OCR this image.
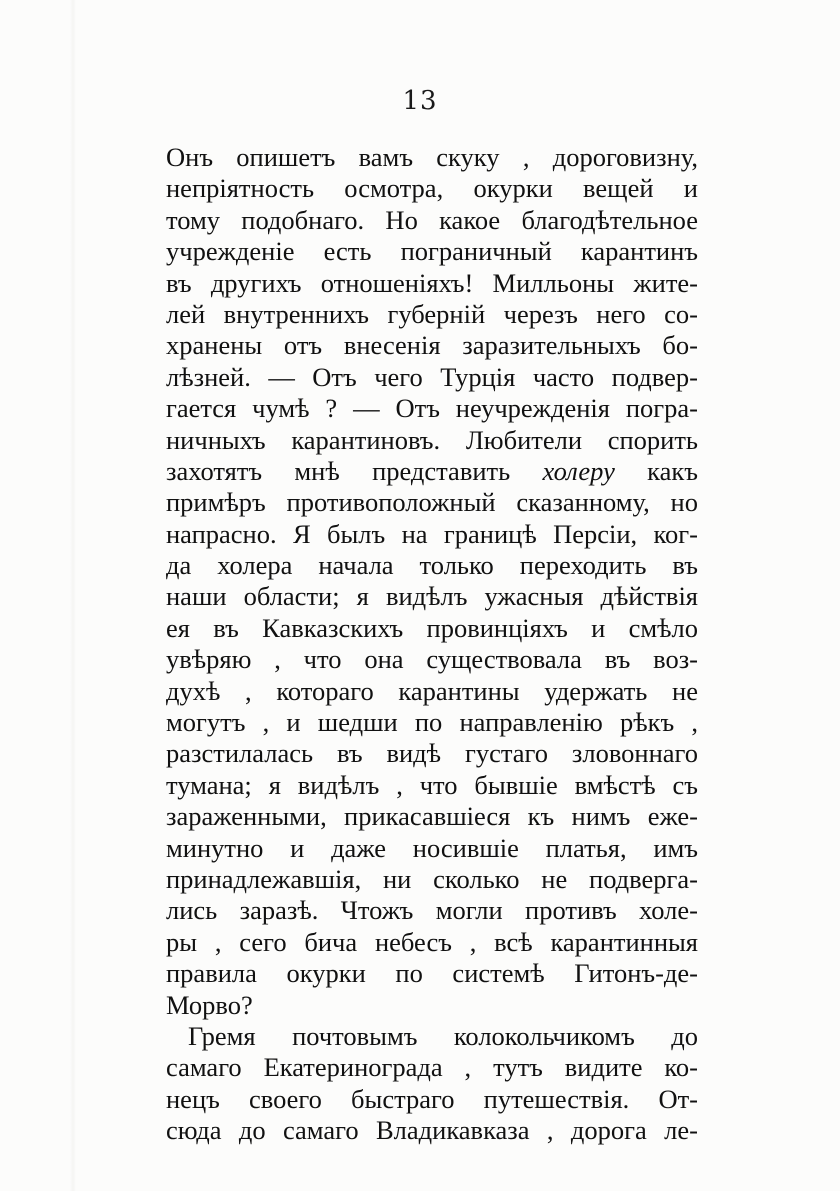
13
Онъ опишетъ вамъ скуку , дороговизну,
непріятность осмотра, окурки вещей и
тому подобнаго. Но какое благодѣтельное
учрежденіе есть пограничный карантинъ
въ другихъ отношеніяхъ! Милльоны жите-
лей внутреннихъ губерній черезъ него со-
хранены отъ внесенія заразительныхъ бо-
лѣзней. — Отъ чего Турція часто подвер-
гается чумѣ ? — Отъ неучрежденія погра-
ничныхъ карантиновъ. Любители спорить
захотятъ мнѣ представить холеру какъ
примѣръ противоположный сказанному, но
напрасно. Я былъ на границѣ Персіи, ког-
да холера начала только переходить въ
наши области; я видѣлъ ужасныя дѣйствія
ея въ Кавказскихъ провинціяхъ и смѣло
увѣряю , что она существовала въ воз-
духѣ , котораго карантины удержать не
могутъ , и шедши по направленію рѣкъ ,
разстилалась въ видѣ густаго зловоннаго
тумана; я видѣлъ , что бывшіе вмѣстѣ съ
зараженными, прикасавшіеся къ нимъ еже-
минутно и даже носившіе платья, имъ
принадлежавшія, ни сколько не подверга-
лись заразѣ. Чтожъ могли противъ холе-
ры , сего бича небесъ , всѣ карантинныя
правила окурки по системѣ Гитонъ-де-
Морво?
Гремя почтовымъ колокольчикомъ до
самаго Екатеринограда , тутъ видите ко-
нецъ своего быстраго путешествія. От-
сюда до самаго Владикавказа , дорога ле-
